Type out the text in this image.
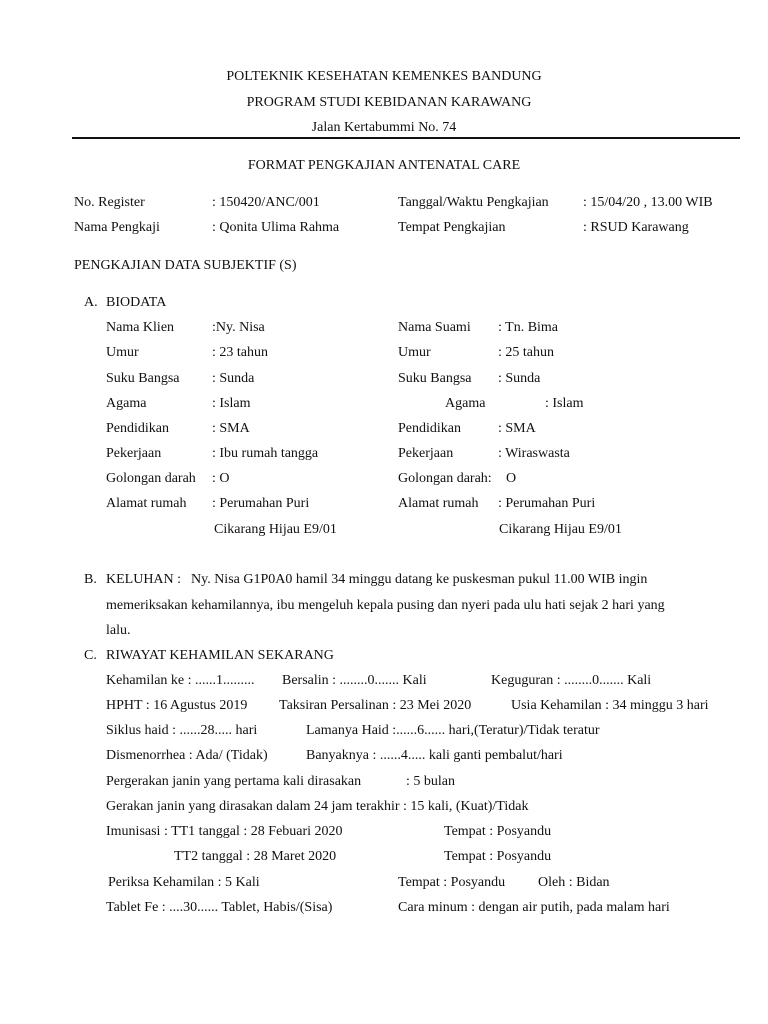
POLTEKNIK KESEHATAN KEMENKES BANDUNG
PROGRAM STUDI KEBIDANAN KARAWANG
Jalan Kertabummi No. 74
FORMAT PENGKAJIAN ANTENATAL CARE
No. Register	: 150420/ANC/001	Tanggal/Waktu Pengkajian : 15/04/20 , 13.00 WIB
Nama Pengkaji	: Qonita Ulima Rahma	Tempat Pengkajian	: RSUD Karawang
PENGKAJIAN DATA SUBJEKTIF (S)
A. BIODATA
Nama Klien	:Ny. Nisa	Nama Suami : Tn. Bima
Umur	: 23 tahun	Umur	: 25 tahun
Suku Bangsa : Sunda	Suku Bangsa : Sunda
Agama	: Islam	Agama	: Islam
Pendidikan	: SMA	Pendidikan	: SMA
Pekerjaan	: Ibu rumah tangga	Pekerjaan	: Wiraswasta
Golongan darah : O	Golongan darah: O
Alamat rumah : Perumahan Puri	Alamat rumah : Perumahan Puri
Cikarang Hijau E9/01	Cikarang Hijau E9/01
B. KELUHAN : Ny. Nisa G1P0A0 hamil 34 minggu datang ke puskesman pukul 11.00 WIB ingin
memeriksakan kehamilannya, ibu mengeluh kepala pusing dan nyeri pada ulu hati sejak 2 hari yang
lalu.
C. RIWAYAT KEHAMILAN SEKARANG
Kehamilan ke : ......1......... Bersalin : ........0....... Kali	Keguguran : ........0....... Kali
HPHT : 16 Agustus 2019 Taksiran Persalinan : 23 Mei 2020	Usia Kehamilan : 34 minggu 3 hari
Siklus haid : ......28..... hari	Lamanya Haid :......6...... hari,(Teratur)/Tidak teratur
Dismenorrhea : Ada/ (Tidak)	Banyaknya : ......4..... kali ganti pembalut/hari
Pergerakan janin yang pertama kali dirasakan	: 5 bulan
Gerakan janin yang dirasakan dalam 24 jam terakhir : 15 kali, (Kuat)/Tidak
Imunisasi : TT1 tanggal : 28 Febuari 2020	Tempat : Posyandu
TT2 tanggal : 28 Maret 2020	Tempat : Posyandu
Periksa Kehamilan : 5 Kali	Tempat : Posyandu Oleh : Bidan
Tablet Fe : ....30...... Tablet, Habis/(Sisa)	Cara minum : dengan air putih, pada malam hari
